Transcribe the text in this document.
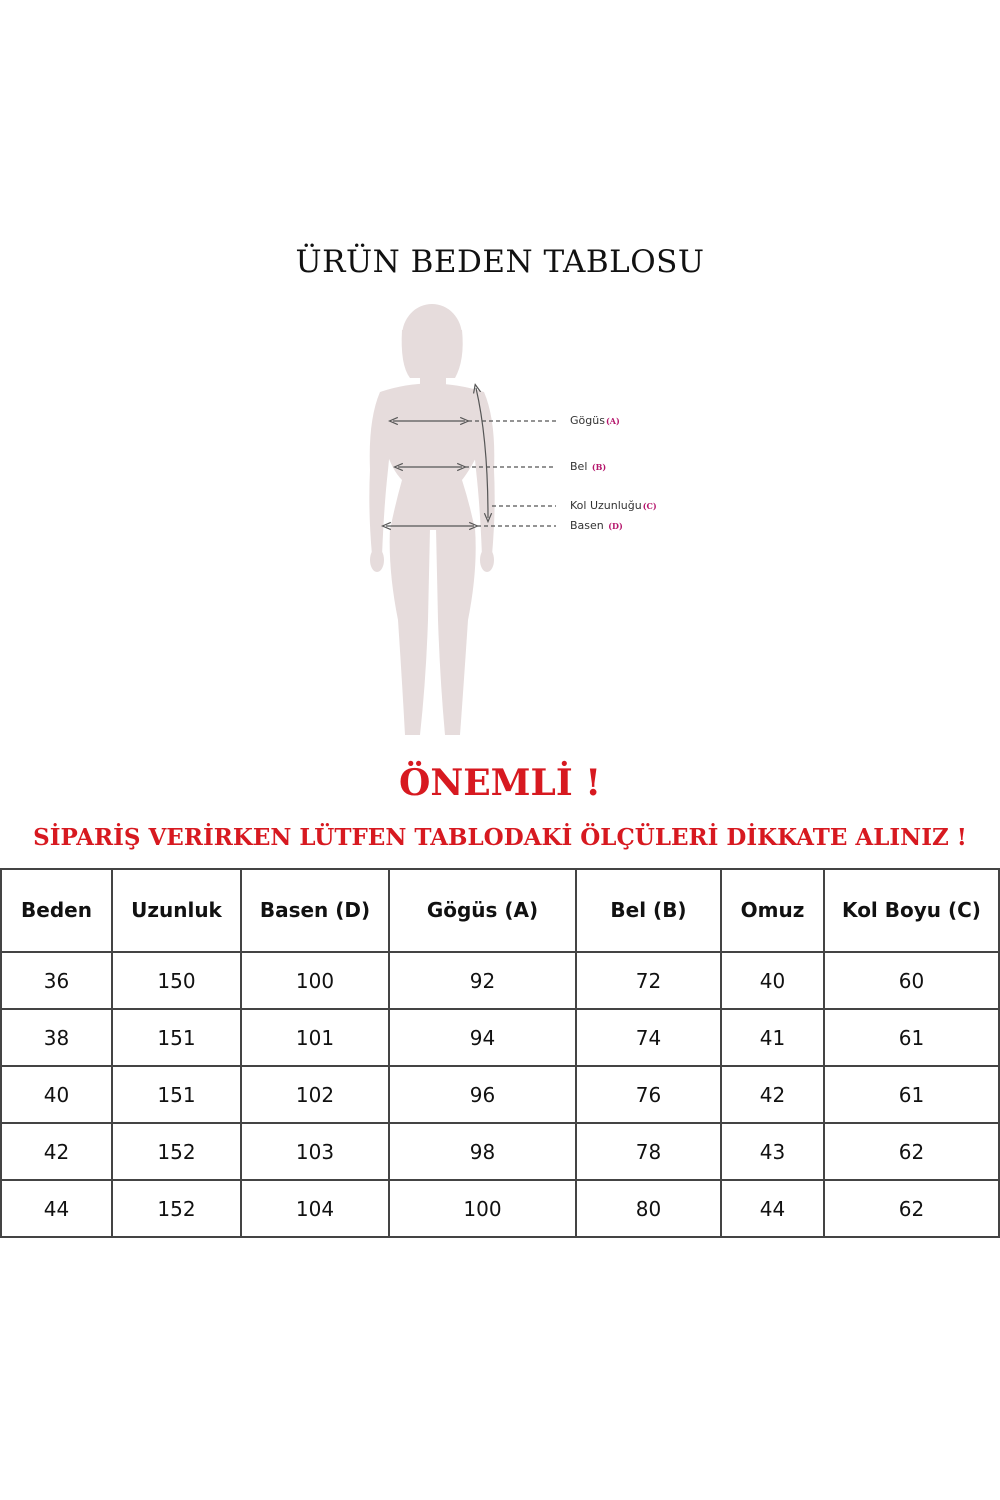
ÜRÜN BEDEN TABLOSU
Gögüs(A)
Bel (B)
Kol Uzunluğu(C)
Basen (D)
ÖNEMLİ !
SİPARİŞ VERİRKEN LÜTFEN TABLODAKİ ÖLÇÜLERİ DİKKATE ALINIZ !
Beden	Uzunluk	Basen (D)	Gögüs (A)	Bel (B)	Omuz	Kol Boyu (C)
36	150	100	92	72	40	60
38	151	101	94	74	41	61
40	151	102	96	76	42	61
42	152	103	98	78	43	62
44	152	104	100	80	44	62
